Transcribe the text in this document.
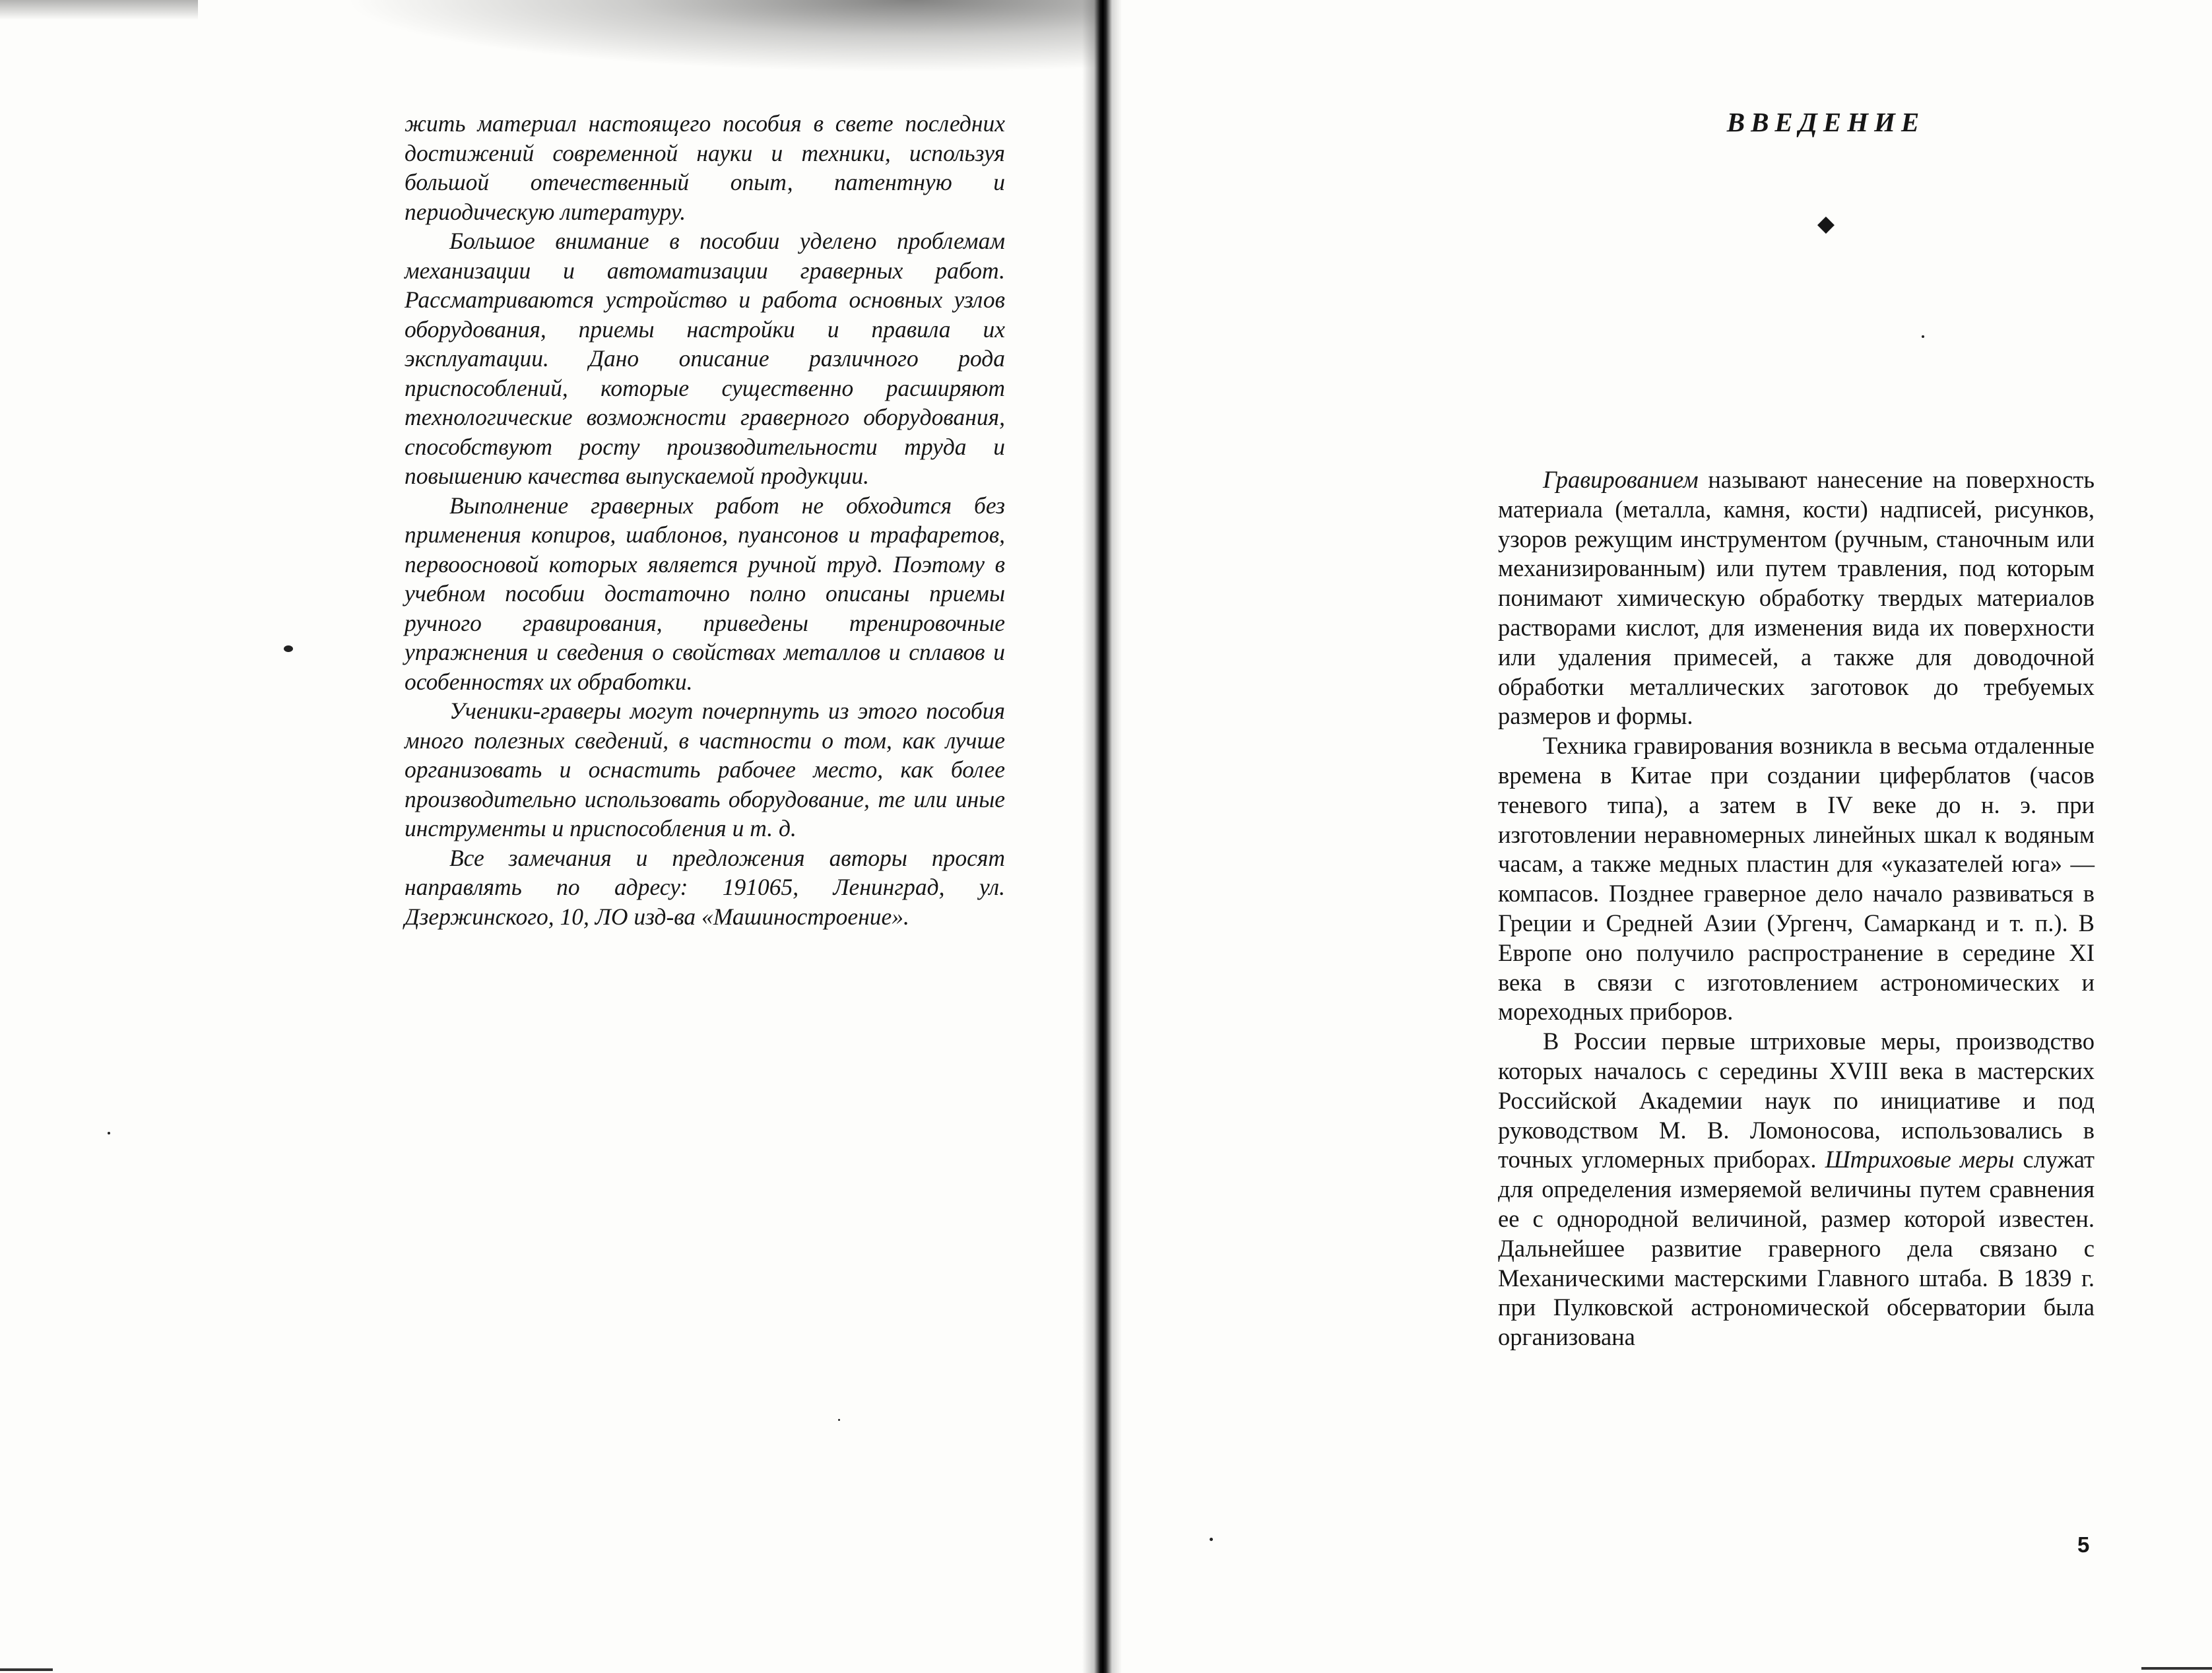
жить материал настоящего пособия в свете последних достижений современной науки и техники, используя большой отечественный опыт, патентную и периодическую литературу.

Большое внимание в пособии уделено проблемам механизации и автоматизации граверных работ. Рассматриваются устройство и работа основных узлов оборудования, приемы настройки и правила их эксплуатации. Дано описание различного рода приспособлений, которые существенно расширяют технологические возможности граверного оборудования, способствуют росту производительности труда и повышению качества выпускаемой продукции.

Выполнение граверных работ не обходится без применения копиров, шаблонов, пуансонов и трафаретов, первоосновой которых является ручной труд. Поэтому в учебном пособии достаточно полно описаны приемы ручного гравирования, приведены тренировочные упражнения и сведения о свойствах металлов и сплавов и особенностях их обработки.

Ученики-граверы могут почерпнуть из этого пособия много полезных сведений, в частности о том, как лучше организовать и оснастить рабочее место, как более производительно использовать оборудование, те или иные инструменты и приспособления и т. д.

Все замечания и предложения авторы просят направлять по адресу: 191065, Ленинград, ул. Дзержинского, 10, ЛО изд-ва «Машиностроение».

ВВЕДЕНИЕ
◆

Гравированием называют нанесение на поверхность материала (металла, камня, кости) надписей, рисунков, узоров режущим инструментом (ручным, станочным или механизированным) или путем травления, под которым понимают химическую обработку твердых материалов растворами кислот, для изменения вида их поверхности или удаления примесей, а также для доводочной обработки металлических заготовок до требуемых размеров и формы.

Техника гравирования возникла в весьма отдаленные времена в Китае при создании циферблатов (часов теневого типа), а затем в IV веке до н. э. при изготовлении неравномерных линейных шкал к водяным часам, а также медных пластин для «указателей юга» — компасов. Позднее граверное дело начало развиваться в Греции и Средней Азии (Ургенч, Самарканд и т. п.). В Европе оно получило распространение в середине XI века в связи с изготовлением астрономических и мореходных приборов.

В России первые штриховые меры, производство которых началось с середины XVIII века в мастерских Российской Академии наук по инициативе и под руководством М. В. Ломоносова, использовались в точных угломерных приборах. Штриховые меры служат для определения измеряемой величины путем сравнения ее с однородной величиной, размер которой известен. Дальнейшее развитие граверного дела связано с Механическими мастерскими Главного штаба. В 1839 г. при Пулковской астрономической обсерватории была организована

5
